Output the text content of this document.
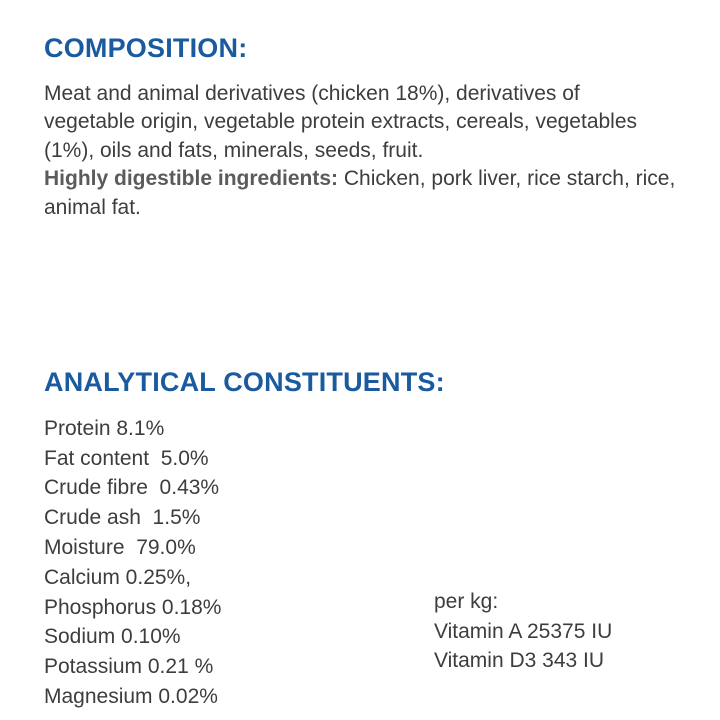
COMPOSITION:

Meat and animal derivatives (chicken 18%), derivatives of vegetable origin, vegetable protein extracts, cereals, vegetables (1%), oils and fats, minerals, seeds, fruit.

Highly digestible ingredients: Chicken, pork liver, rice starch, rice, animal fat.

ANALYTICAL CONSTITUENTS:
Protein 8.1%
Fat content  5.0%
Crude fibre  0.43%
Crude ash  1.5%
Moisture  79.0%
Calcium 0.25%,
Phosphorus 0.18%
Sodium 0.10%
Potassium 0.21 %
Magnesium 0.02%
per kg:
Vitamin A 25375 IU
Vitamin D3 343 IU
